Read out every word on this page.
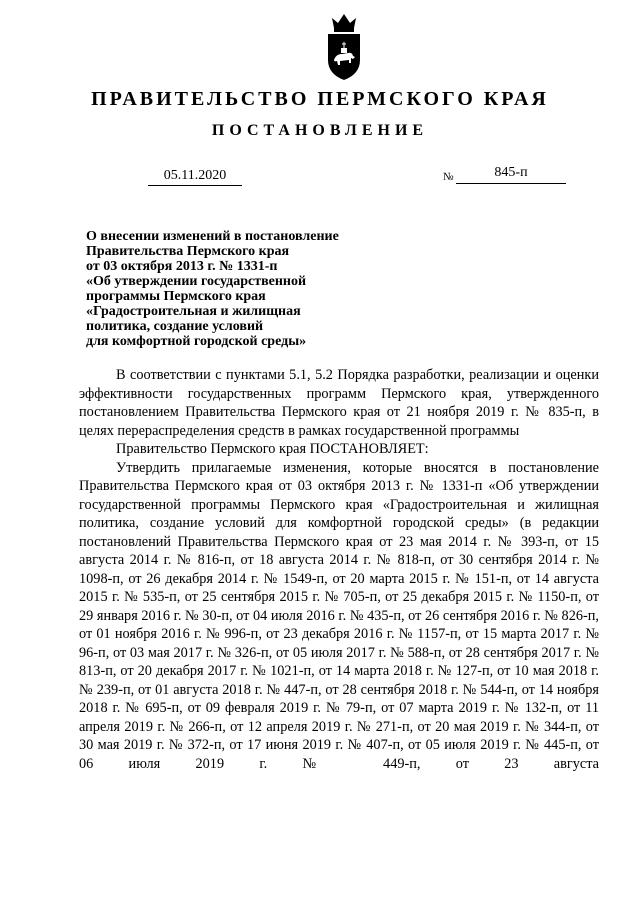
ПРАВИТЕЛЬСТВО ПЕРМСКОГО КРАЯ
ПОСТАНОВЛЕНИЕ
05.11.2020	№	845-п
О внесении изменений в постановление
Правительства Пермского края
от 03 октября 2013 г. № 1331-п
«Об утверждении государственной
программы Пермского края
«Градостроительная и жилищная
политика, создание условий
для комфортной городской среды»

В соответствии с пунктами 5.1, 5.2 Порядка разработки, реализации и оценки эффективности государственных программ Пермского края, утвержденного постановлением Правительства Пермского края от 21 ноября 2019 г. № 835-п, в целях перераспределения средств в рамках государственной программы

Правительство Пермского края ПОСТАНОВЛЯЕТ:

Утвердить прилагаемые изменения, которые вносятся в постановление Правительства Пермского края от 03 октября 2013 г. № 1331-п «Об утверждении государственной программы Пермского края «Градостроительная и жилищная политика, создание условий для комфортной городской среды» (в редакции постановлений Правительства Пермского края от 23 мая 2014 г. № 393-п, от 15 августа 2014 г. № 816-п, от 18 августа 2014 г. № 818-п, от 30 сентября 2014 г. № 1098-п, от 26 декабря 2014 г. № 1549-п, от 20 марта 2015 г. № 151-п, от 14 августа 2015 г. № 535-п, от 25 сентября 2015 г. № 705-п, от 25 декабря 2015 г. № 1150-п, от 29 января 2016 г. № 30-п, от 04 июля 2016 г. № 435-п, от 26 сентября 2016 г. № 826-п, от 01 ноября 2016 г. № 996-п, от 23 декабря 2016 г. № 1157-п, от 15 марта 2017 г. № 96-п, от 03 мая 2017 г. № 326-п, от 05 июля 2017 г. № 588-п, от 28 сентября 2017 г. № 813-п, от 20 декабря 2017 г. № 1021-п, от 14 марта 2018 г. № 127-п, от 10 мая 2018 г. № 239-п, от 01 августа 2018 г. № 447-п, от 28 сентября 2018 г. № 544-п, от 14 ноября 2018 г. № 695-п, от 09 февраля 2019 г. № 79-п, от 07 марта 2019 г. № 132-п, от 11 апреля 2019 г. № 266-п, от 12 апреля 2019 г. № 271-п, от 20 мая 2019 г. № 344-п, от 30 мая 2019 г. № 372-п, от 17 июня 2019 г. № 407-п, от 05 июля 2019 г. № 445-п, от 06 июля 2019 г. № 449-п, от 23 августа
